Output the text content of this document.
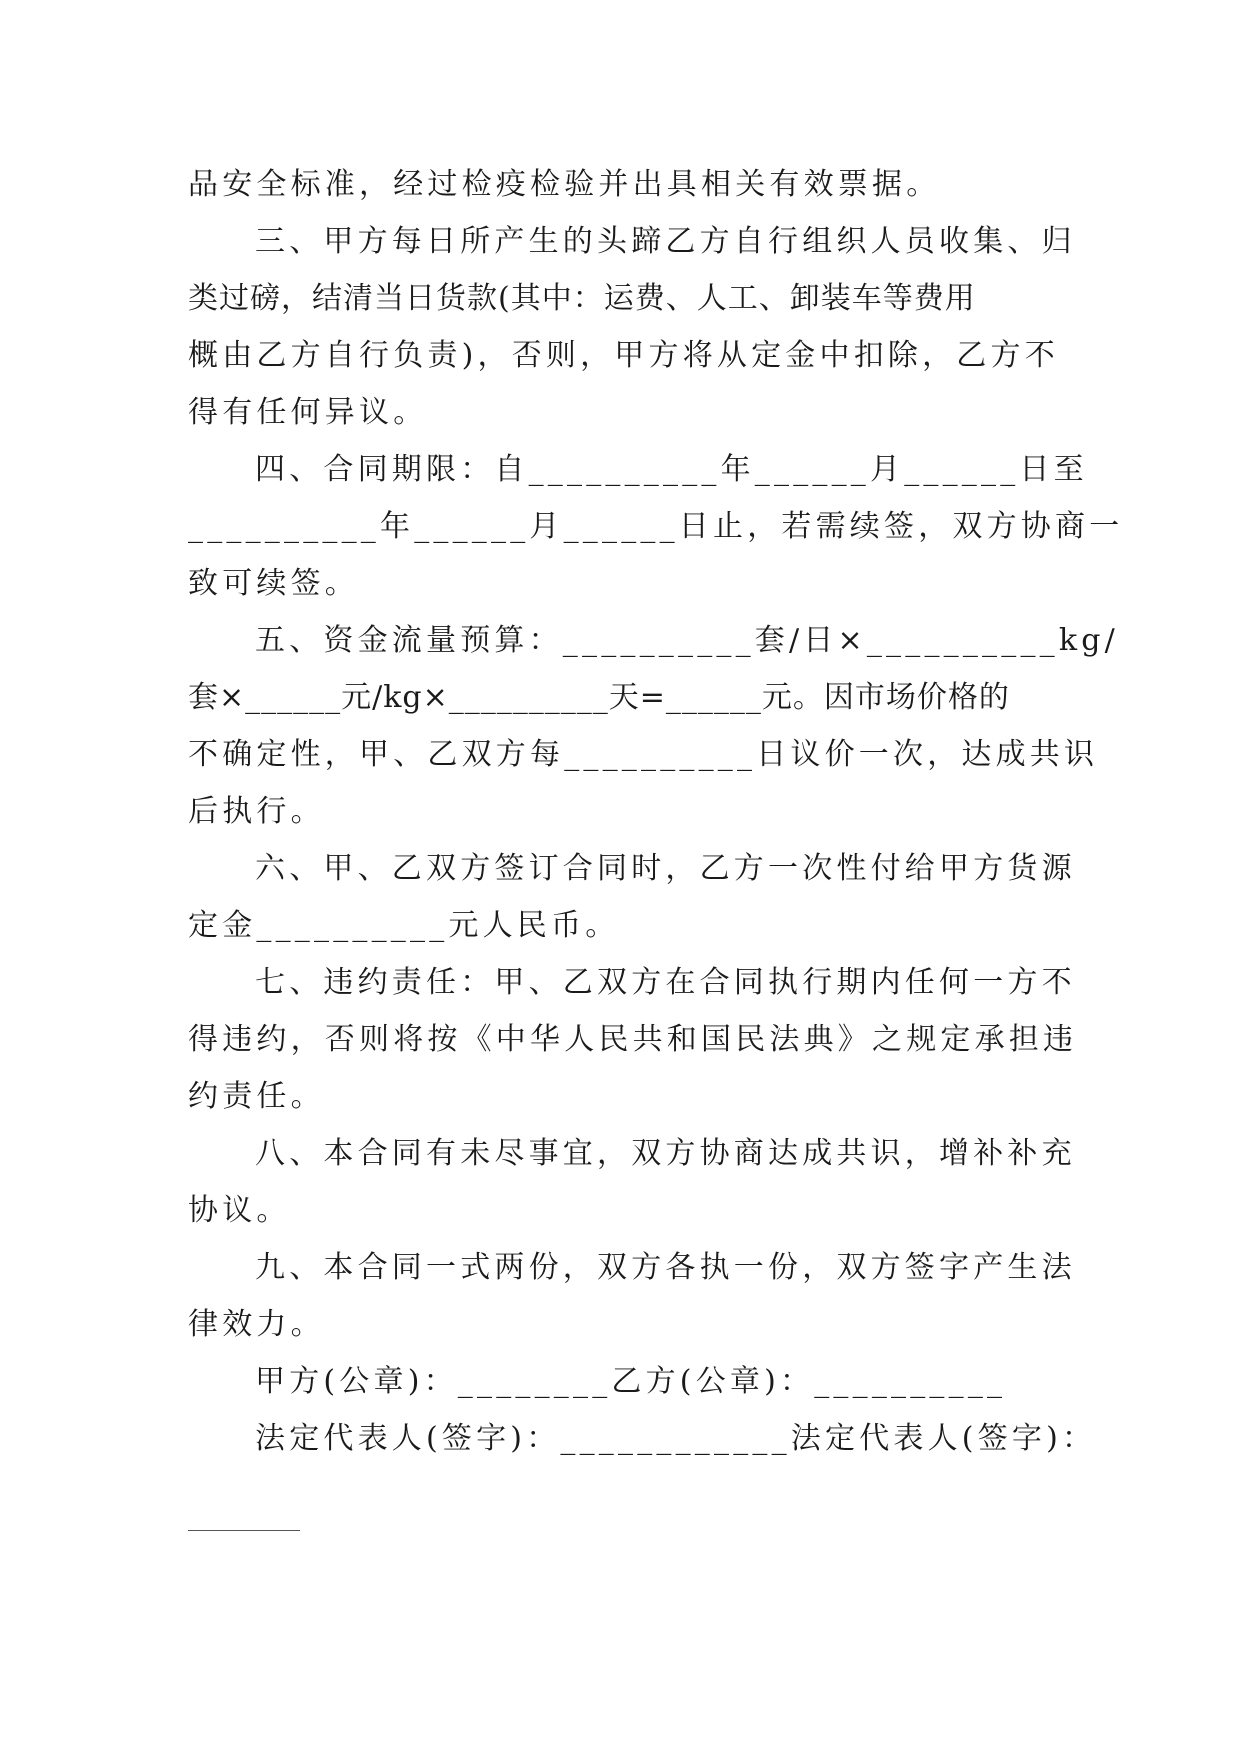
品安全标准，经过检疫检验并出具相关有效票据。
三、甲方每日所产生的头蹄乙方自行组织人员收集、归
类过磅，结清当日货款(其中：运费、人工、卸装车等费用
概由乙方自行负责)，否则，甲方将从定金中扣除，乙方不
得有任何异议。
四、合同期限：自__________年______月______日至
__________年______月______日止，若需续签，双方协商一
致可续签。
五、资金流量预算：__________套/日×__________kg/
套×______元/kg×__________天=______元。因市场价格的
不确定性，甲、乙双方每__________日议价一次，达成共识
后执行。
六、甲、乙双方签订合同时，乙方一次性付给甲方货源
定金__________元人民币。
七、违约责任：甲、乙双方在合同执行期内任何一方不
得违约，否则将按《中华人民共和国民法典》之规定承担违
约责任。
八、本合同有未尽事宜，双方协商达成共识，增补补充
协议。
九、本合同一式两份，双方各执一份，双方签字产生法
律效力。
甲方(公章)：________乙方(公章)：__________
法定代表人(签字)：____________法定代表人(签字)：
